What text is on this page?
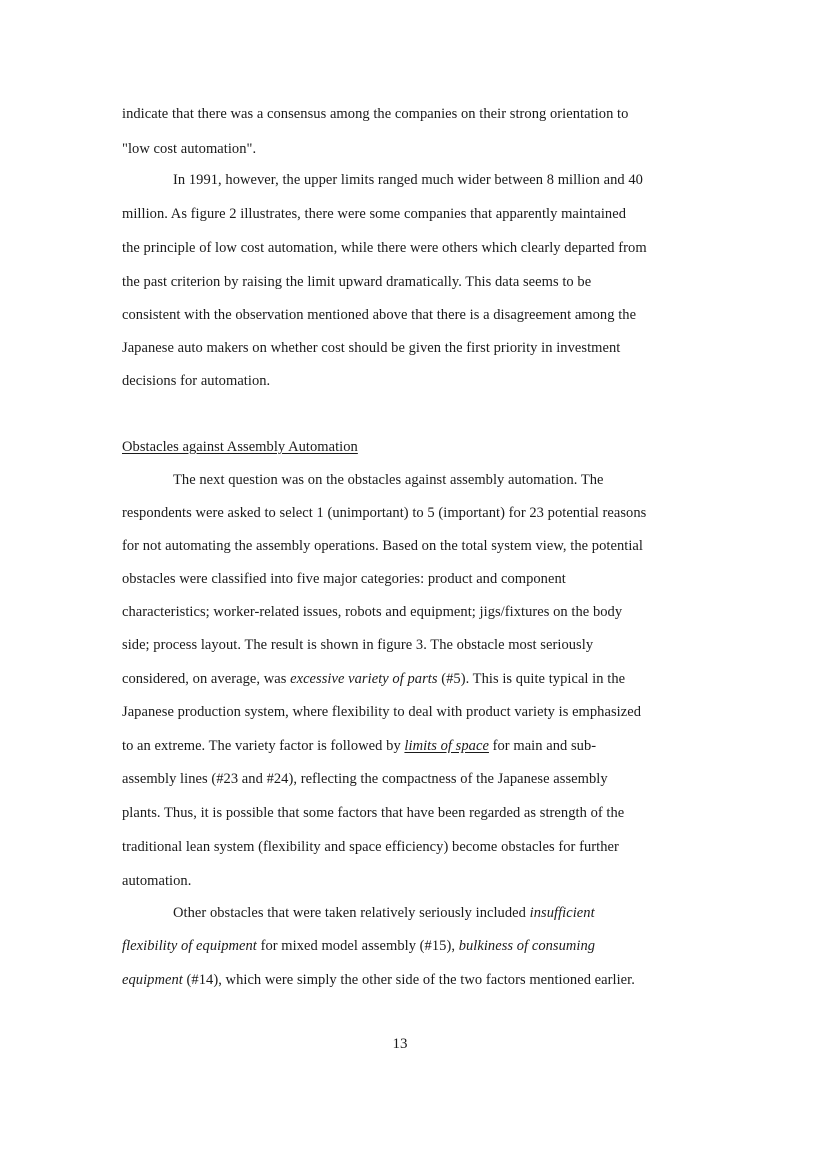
indicate that there was a consensus among the companies on their strong orientation to
"low cost automation".
In 1991, however, the upper limits ranged much wider between 8 million and 40
million. As figure 2 illustrates, there were some companies that apparently maintained
the principle of low cost automation, while there were others which clearly departed from
the past criterion by raising the limit upward dramatically. This data seems to be
consistent with the observation mentioned above that there is a disagreement among the
Japanese auto makers on whether cost should be given the first priority in investment
decisions for automation.
Obstacles against Assembly Automation
The next question was on the obstacles against assembly automation. The
respondents were asked to select 1 (unimportant) to 5 (important) for 23 potential reasons
for not automating the assembly operations. Based on the total system view, the potential
obstacles were classified into five major categories: product and component
characteristics; worker-related issues, robots and equipment; jigs/fixtures on the body
side; process layout. The result is shown in figure 3. The obstacle most seriously
considered, on average, was excessive variety of parts (#5). This is quite typical in the
Japanese production system, where flexibility to deal with product variety is emphasized
to an extreme. The variety factor is followed by limits of space for main and sub-
assembly lines (#23 and #24), reflecting the compactness of the Japanese assembly
plants. Thus, it is possible that some factors that have been regarded as strength of the
traditional lean system (flexibility and space efficiency) become obstacles for further
automation.
Other obstacles that were taken relatively seriously included insufficient
flexibility of equipment for mixed model assembly (#15), bulkiness of consuming
equipment (#14), which were simply the other side of the two factors mentioned earlier.
13
